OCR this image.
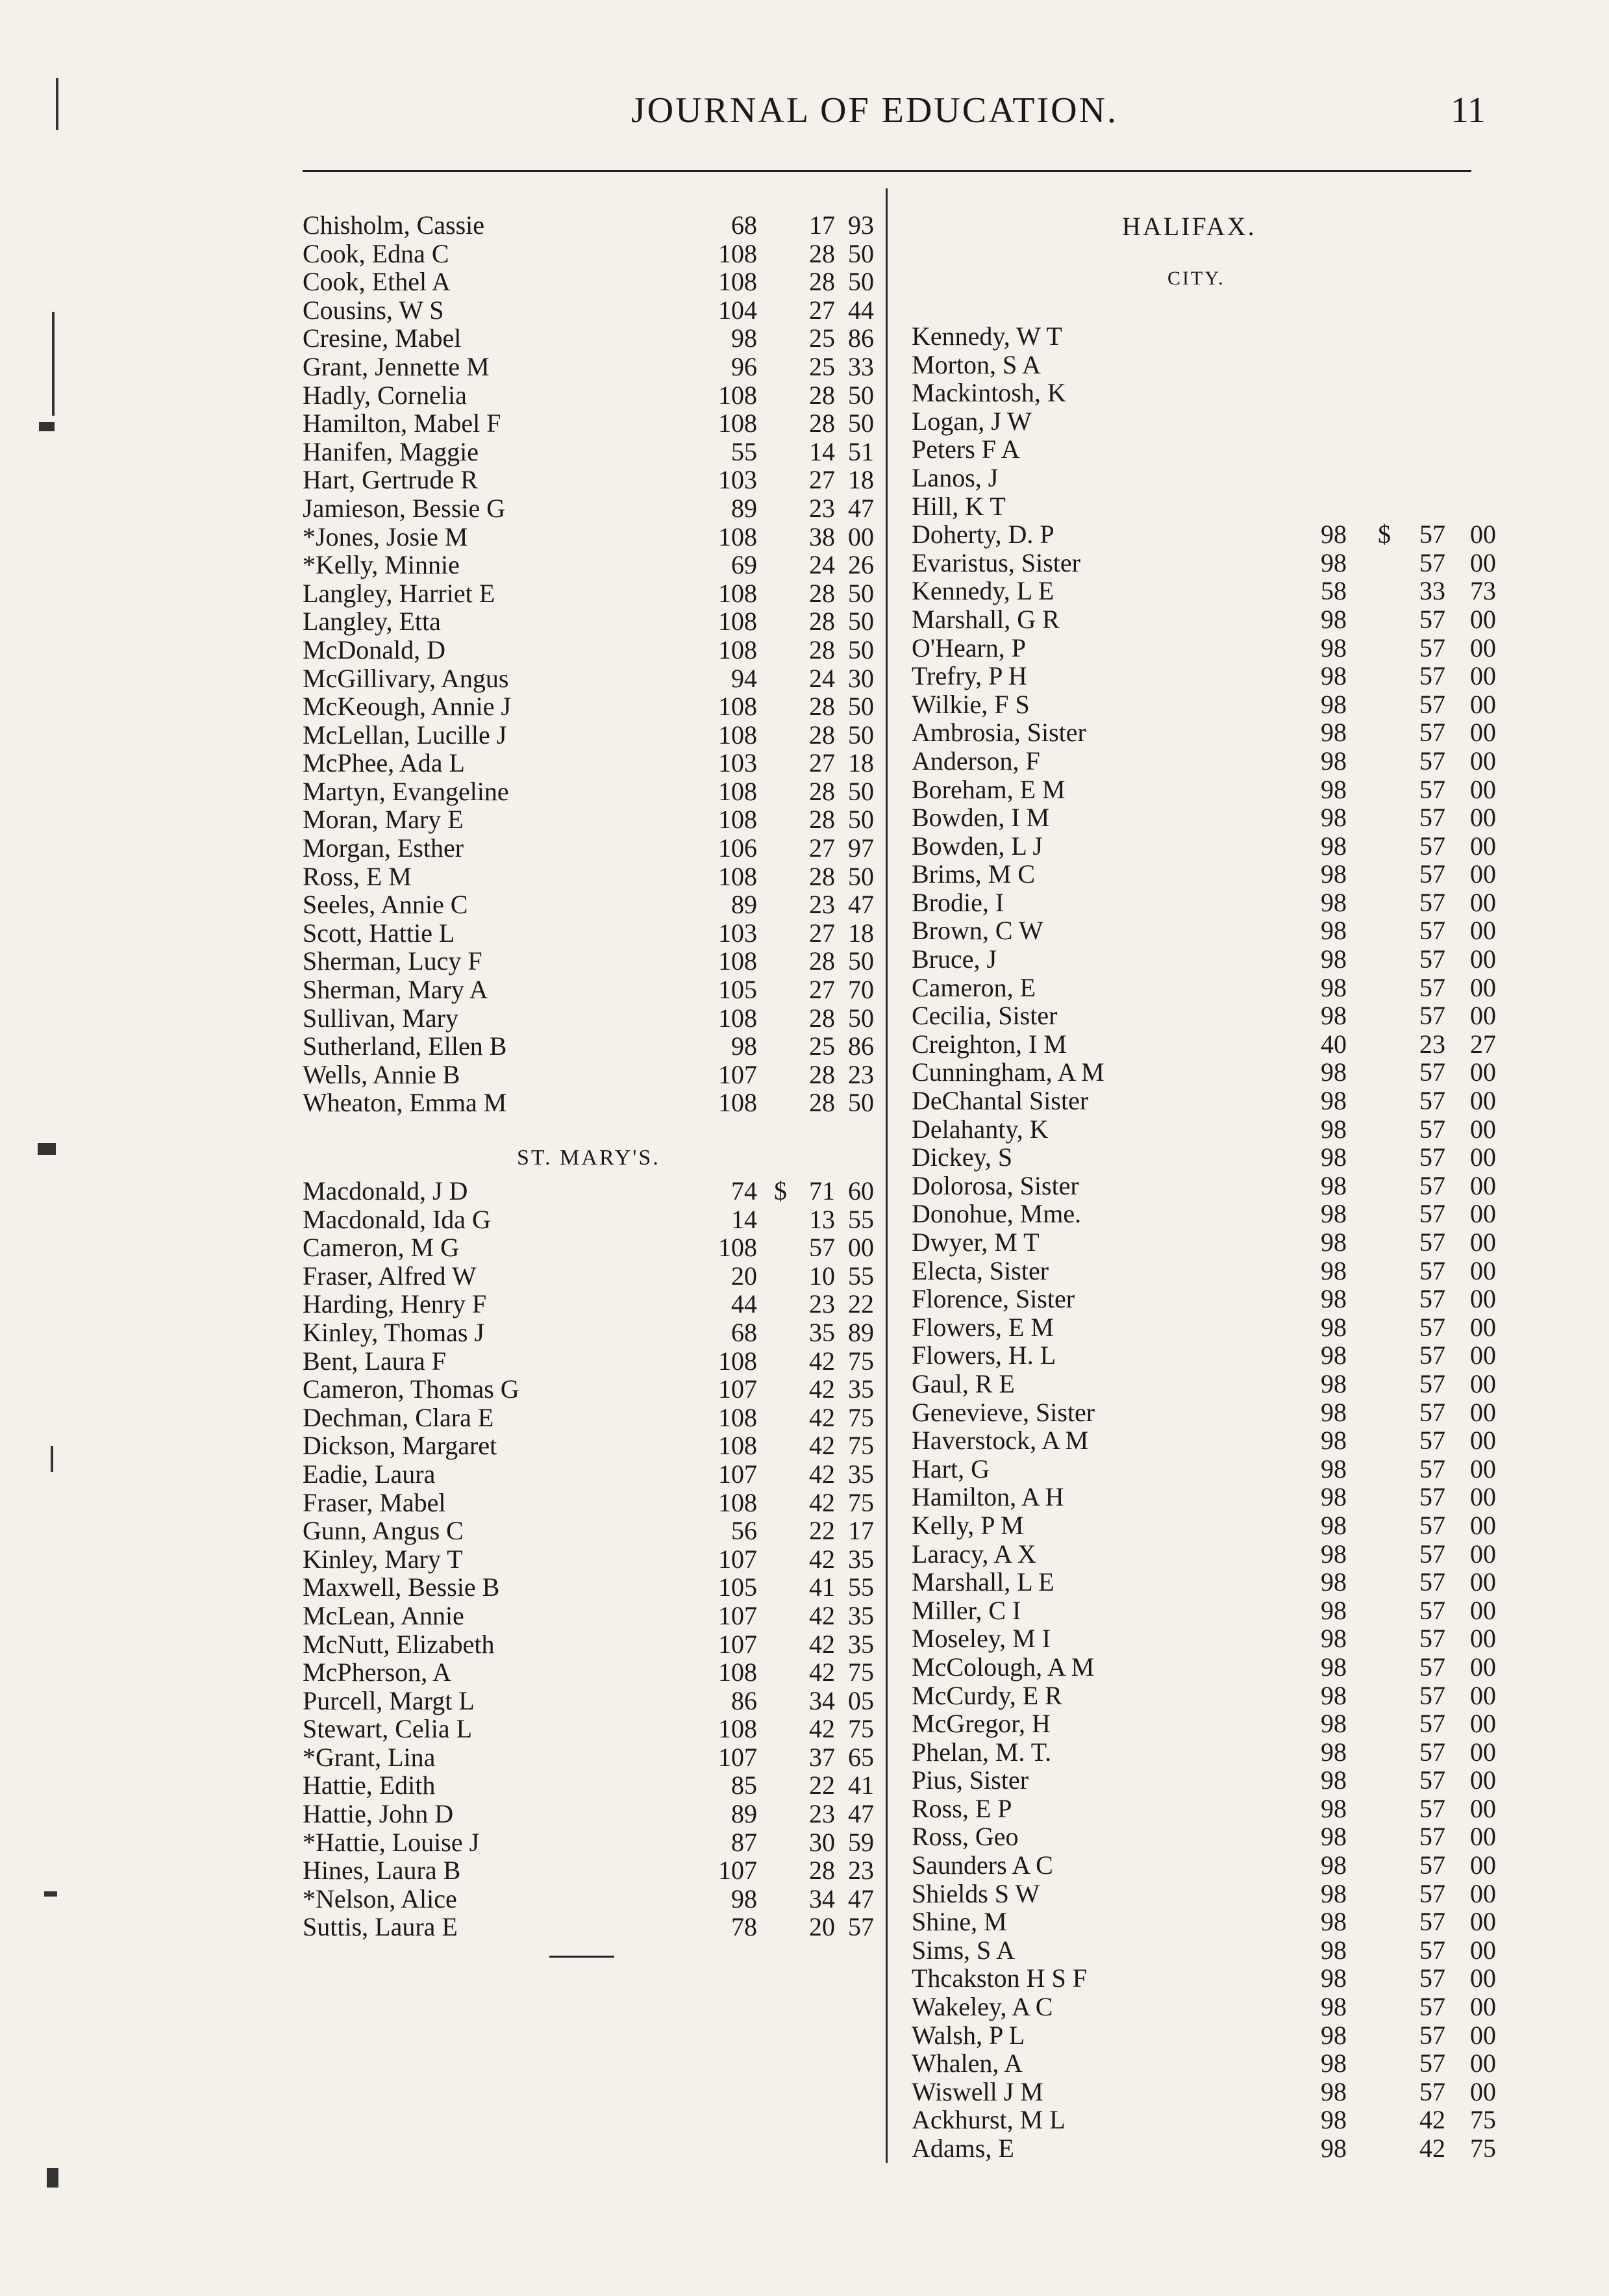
JOURNAL OF EDUCATION.	11
Chisholm, Cassie	68	17 93
Cook, Edna C	108	28 50
Cook, Ethel A	108	28 50
Cousins, W S	104	27 44
Cresine, Mabel	98	25 86
Grant, Jennette M	96	25 33
Hadly, Cornelia	108	28 50
Hamilton, Mabel F	108	28 50
Hanifen, Maggie	55	14 51
Hart, Gertrude R	103	27 18
Jamieson, Bessie G	89	23 47
*Jones, Josie M	108	38 00
*Kelly, Minnie	69	24 26
Langley, Harriet E	108	28 50
Langley, Etta	108	28 50
McDonald, D	108	28 50
McGillivary, Angus	94	24 30
McKeough, Annie J	108	28 50
McLellan, Lucille J	108	28 50
McPhee, Ada L	103	27 18
Martyn, Evangeline	108	28 50
Moran, Mary E	108	28 50
Morgan, Esther	106	27 97
Ross, E M	108	28 50
Seeles, Annie C	89	23 47
Scott, Hattie L	103	27 18
Sherman, Lucy F	108	28 50
Sherman, Mary A	105	27 70
Sullivan, Mary	108	28 50
Sutherland, Ellen B	98	25 86
Wells, Annie B	107	28 23
Wheaton, Emma M	108	28 50
ST. MARY'S.
Macdonald, J D	74 $ 71 60
Macdonald, Ida G	14	13 55
Cameron, M G	108	57 00
Fraser, Alfred W	20	10 55
Harding, Henry F	44	23 22
Kinley, Thomas J	68	35 89
Bent, Laura F	108	42 75
Cameron, Thomas G	107	42 35
Dechman, Clara E	108	42 75
Dickson, Margaret	108	42 75
Eadie, Laura	107	42 35
Fraser, Mabel	108	42 75
Gunn, Angus C	56	22 17
Kinley, Mary T	107	42 35
Maxwell, Bessie B	105	41 55
McLean, Annie	107	42 35
McNutt, Elizabeth	107	42 35
McPherson, A	108	42 75
Purcell, Margt L	86	34 05
Stewart, Celia L	108	42 75
*Grant, Lina	107	37 65
Hattie, Edith	85	22 41
Hattie, John D	89	23 47
*Hattie, Louise J	87	30 59
Hines, Laura B	107	28 23
*Nelson, Alice	98	34 47
Suttis, Laura E	78	20 57
HALIFAX.
CITY.
Kennedy, W T
Morton, S A
Mackintosh, K
Logan, J W
Peters F A
Lanos, J
Hill, K T
Doherty, D. P	98 $	57 00
Evaristus, Sister	98	57 00
Kennedy, L E	58	33 73
Marshall, G R	98	57 00
O'Hearn, P	98	57 00
Trefry, P H	98	57 00
Wilkie, F S	98	57 00
Ambrosia, Sister	98	57 00
Anderson, F	98	57 00
Boreham, E M	98	57 00
Bowden, I M	98	57 00
Bowden, L J	98	57 00
Brims, M C	98	57 00
Brodie, I	98	57 00
Brown, C W	98	57 00
Bruce, J	98	57 00
Cameron, E	98	57 00
Cecilia, Sister	98	57 00
Creighton, I M	40	23 27
Cunningham, A M	98	57 00
DeChantal Sister	98	57 00
Delahanty, K	98	57 00
Dickey, S	98	57 00
Dolorosa, Sister	98	57 00
Donohue, Mme.	98	57 00
Dwyer, M T	98	57 00
Electa, Sister	98	57 00
Florence, Sister	98	57 00
Flowers, E M	98	57 00
Flowers, H. L	98	57 00
Gaul, R E	98	57 00
Genevieve, Sister	98	57 00
Haverstock, A M	98	57 00
Hart, G	98	57 00
Hamilton, A H	98	57 00
Kelly, P M	98	57 00
Laracy, A X	98	57 00
Marshall, L E	98	57 00
Miller, C I	98	57 00
Moseley, M I	98	57 00
McColough, A M	98	57 00
McCurdy, E R	98	57 00
McGregor, H	98	57 00
Phelan, M. T.	98	57 00
Pius, Sister	98	57 00
Ross, E P	98	57 00
Ross, Geo	98	57 00
Saunders A C	98	57 00
Shields S W	98	57 00
Shine, M	98	57 00
Sims, S A	98	57 00
Thcakston H S F	98	57 00
Wakeley, A C	98	57 00
Walsh, P L	98	57 00
Whalen, A	98	57 00
Wiswell J M	98	57 00
Ackhurst, M L	98	42 75
Adams, E	98	42 75
